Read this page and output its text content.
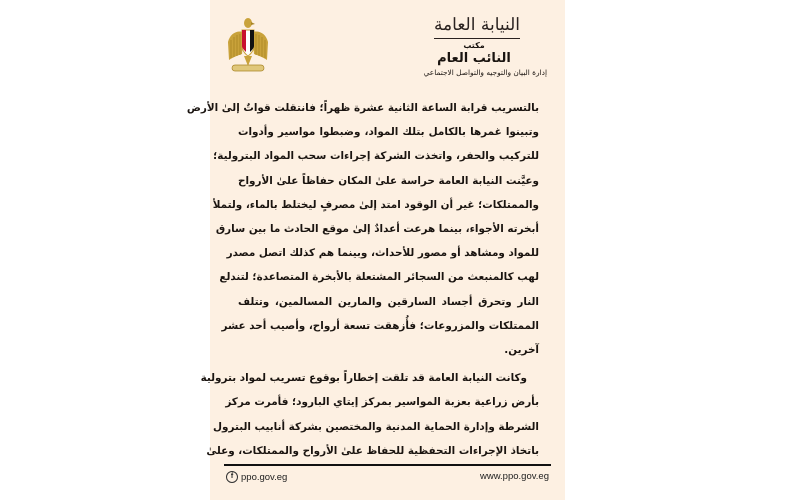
النيابة العامة
مكتب
النائب العام
إدارة البيان والتوجيه والتواصل الاجتماعي

بالتسريب قرابة الساعة الثانية عشرة ظهراً؛ فانتقلت قواتٌ إلىٰ الأرض
وتبينوا غمرها بالكامل بتلك المواد، وضبطوا مواسير وأدوات
للتركيب والحفر، واتخذت الشركة إجراءات سحب المواد البترولية؛
وعيَّنت النيابة العامة حراسة علىٰ المكان حفاظاً علىٰ الأرواح
والممتلكات؛ غير أن الوقود امتد إلىٰ مصرفٍ ليختلط بالماء، ولتملأ
أبخرته الأجواء، بينما هرعت أعدادٌ إلىٰ موقع الحادث ما بين سارق
للمواد ومشاهد أو مصور للأحداث، وبينما هم كذلك اتصل مصدر
لهب كالمنبعث من السجائر المشتعلة بالأبخرة المتصاعدة؛ لتندلع
النار وتحرق أجساد السارقين والمارين المسالمين، وتتلف
الممتلكات والمزروعات؛ فأُزهقت تسعة أرواح، وأصيب أحد عشر
آخرين.

وكانت النيابة العامة قد تلقت إخطاراً بوقوع تسريب لمواد بترولية
بأرض زراعية بعزبة المواسير بمركز إيتاي البارود؛ فأمرت مركز
الشرطة وإدارة الحماية المدنية والمختصين بشركة أنابيب البترول
باتخاذ الإجراءات التحفظية للحفاظ علىٰ الأرواح والممتلكات، وعلىٰ

f ppo.gov.eg	www.ppo.gov.eg
